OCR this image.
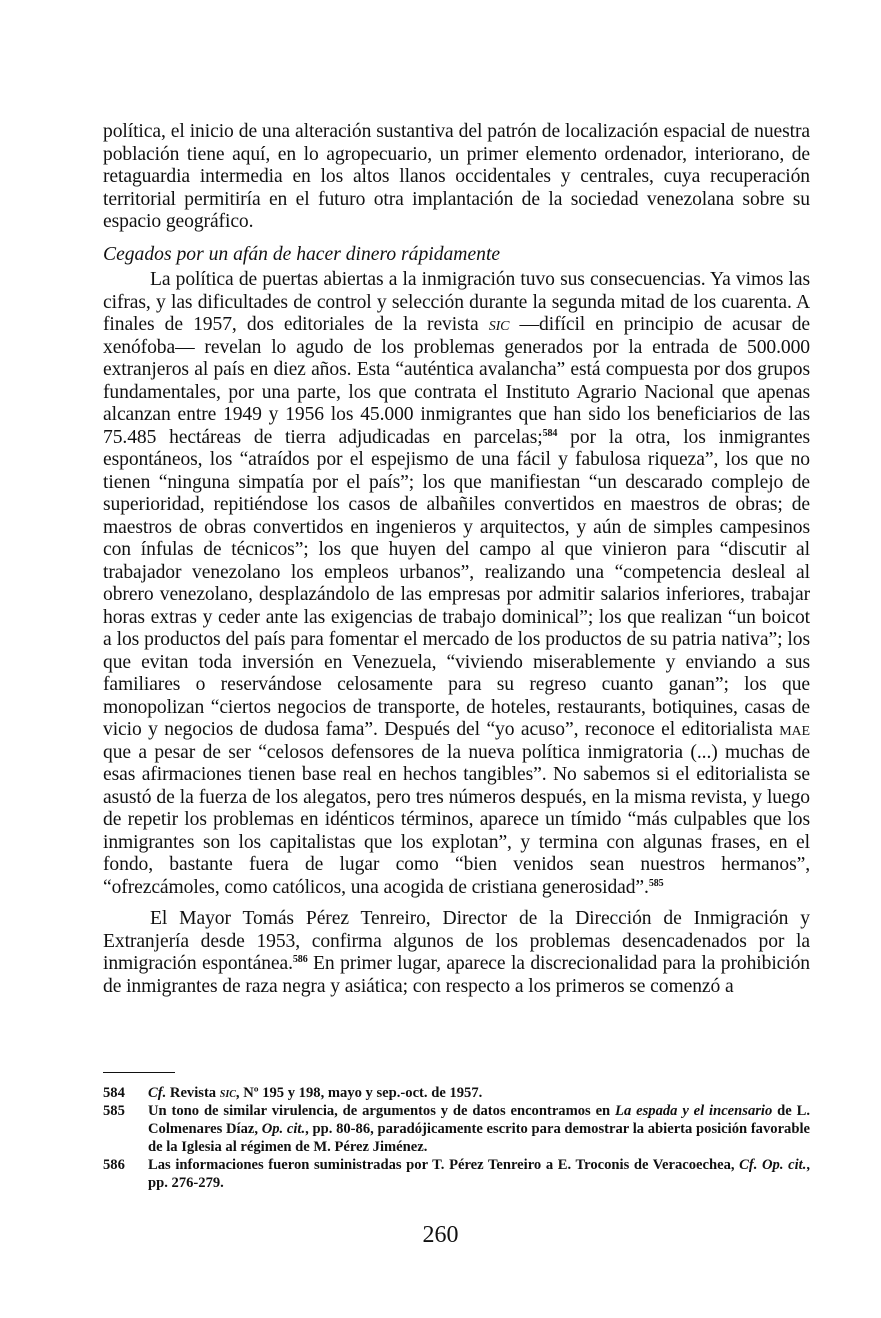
política, el inicio de una alteración sustantiva del patrón de localización espacial de nuestra población tiene aquí, en lo agropecuario, un primer elemento ordenador, interiorano, de retaguardia intermedia en los altos llanos occidentales y centrales, cuya recuperación territorial permitiría en el futuro otra implantación de la sociedad venezolana sobre su espacio geográfico.

Cegados por un afán de hacer dinero rápidamente

La política de puertas abiertas a la inmigración tuvo sus consecuencias. Ya vimos las cifras, y las dificultades de control y selección durante la segunda mitad de los cuarenta. A finales de 1957, dos editoriales de la revista sic —difícil en principio de acusar de xenófoba— revelan lo agudo de los problemas generados por la entrada de 500.000 extranjeros al país en diez años. Esta “auténtica avalancha” está compuesta por dos grupos fundamentales, por una parte, los que contrata el Instituto Agrario Nacional que apenas alcanzan entre 1949 y 1956 los 45.000 inmigrantes que han sido los beneficiarios de las 75.485 hectáreas de tierra adjudicadas en parcelas;$^{584}$ por la otra, los inmigrantes espontáneos, los “atraídos por el espejismo de una fácil y fabulosa riqueza”, los que no tienen “ninguna simpatía por el país”; los que manifiestan “un descarado complejo de superioridad, repitiéndose los casos de albañiles convertidos en maestros de obras; de maestros de obras convertidos en ingenieros y arquitectos, y aún de simples campesinos con ínfulas de técnicos”; los que huyen del campo al que vinieron para “discutir al trabajador venezolano los empleos urbanos”, realizando una “competencia desleal al obrero venezolano, desplazándolo de las empresas por admitir salarios inferiores, trabajar horas extras y ceder ante las exigencias de trabajo dominical”; los que realizan “un boicot a los productos del país para fomentar el mercado de los productos de su patria nativa”; los que evitan toda inversión en Venezuela, “viviendo miserablemente y enviando a sus familiares o reservándose celosamente para su regreso cuanto ganan”; los que monopolizan “ciertos negocios de transporte, de hoteles, restaurants, botiquines, casas de vicio y negocios de dudosa fama”. Después del “yo acuso”, reconoce el editorialista mae que a pesar de ser “celosos defensores de la nueva política inmigratoria (...) muchas de esas afirmaciones tienen base real en hechos tangibles”. No sabemos si el editorialista se asustó de la fuerza de los alegatos, pero tres números después, en la misma revista, y luego de repetir los problemas en idénticos términos, aparece un tímido “más culpables que los inmigrantes son los capitalistas que los explotan”, y termina con algunas frases, en el fondo, bastante fuera de lugar como “bien venidos sean nuestros hermanos”, “ofrezcámoles, como católicos, una acogida de cristiana generosidad”.$^{585}$

El Mayor Tomás Pérez Tenreiro, Director de la Dirección de Inmigración y Extranjería desde 1953, confirma algunos de los problemas desencadenados por la inmigración espontánea.$^{586}$ En primer lugar, aparece la discrecionalidad para la prohibición de inmigrantes de raza negra y asiática; con respecto a los primeros se comenzó a

584	Cf. Revista sic, Nº 195 y 198, mayo y sep.-oct. de 1957.
585	Un tono de similar virulencia, de argumentos y de datos encontramos en La espada y el incensario de L. Colmenares Díaz, Op. cit., pp. 80-86, paradójicamente escrito para demostrar la abierta posición favorable de la Iglesia al régimen de M. Pérez Jiménez.
586	Las informaciones fueron suministradas por T. Pérez Tenreiro a E. Troconis de Veracoechea, Cf. Op. cit., pp. 276-279.
260
